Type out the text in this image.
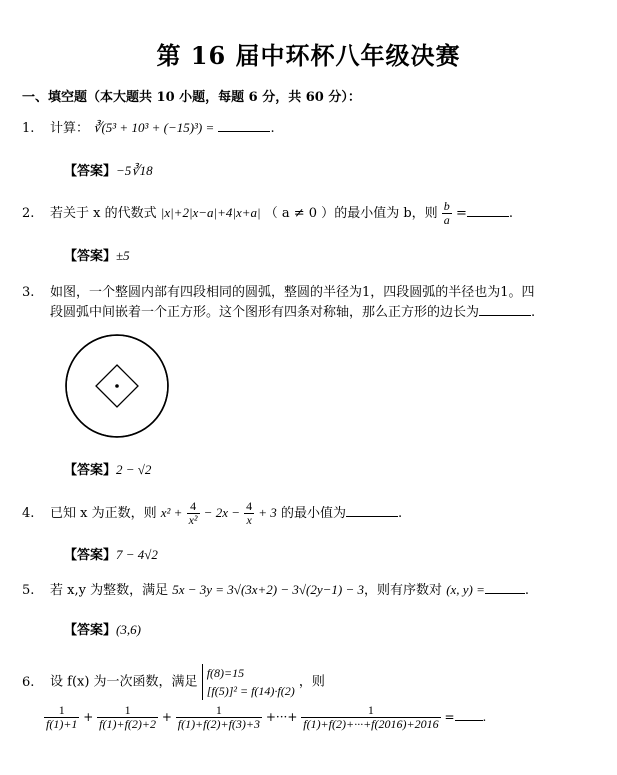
第 16 届中环杯八年级决赛
一、填空题（本大题共 10 小题，每题 6 分，共 60 分）：
1. 计算： ∛(5³ + 10³ + (−15)³) =	.
【答案】−5∛18
2. 若关于 x 的代数式 |x|+2|x−a|+4|x+a| （ a ≠ 0 ）的最小值为 b，则 $\frac{b}{a}$ =	.
【答案】±5
3. 如图，一个整圆内部有四段相同的圆弧，整圆的半径为1，四段圆弧的半径也为1。四
段圆弧中间嵌着一个正方形。这个图形有四条对称轴，那么正方形的边长为	.
【答案】2 − √2
4. 已知 x 为正数，则 $x^2 + \frac{4}{\text{x²}} - 2x - \frac{4}{x} + 3$ 的最小值为	.
【答案】7 − 4√2
5. 若 x,y 为整数，满足 5x − 3y = 3√(3x+2) − 3√(2y−1) − 3，则有序数对 (x, y) =	.
【答案】(3,6)
6. 设 f(x) 为一次函数，满足
f(8)=15
[f(5)]² = f(14)·f(2)
，则
$\frac{1}{f(1)+1} + \frac{1}{f(1)+f(2)+2} + \frac{1}{f(1)+f(2)+f(3)+3}$ +···+ $\frac{1}{f(1)+f(2)+\cdot\cdot\cdot+f(2016)+2016}$ = .
